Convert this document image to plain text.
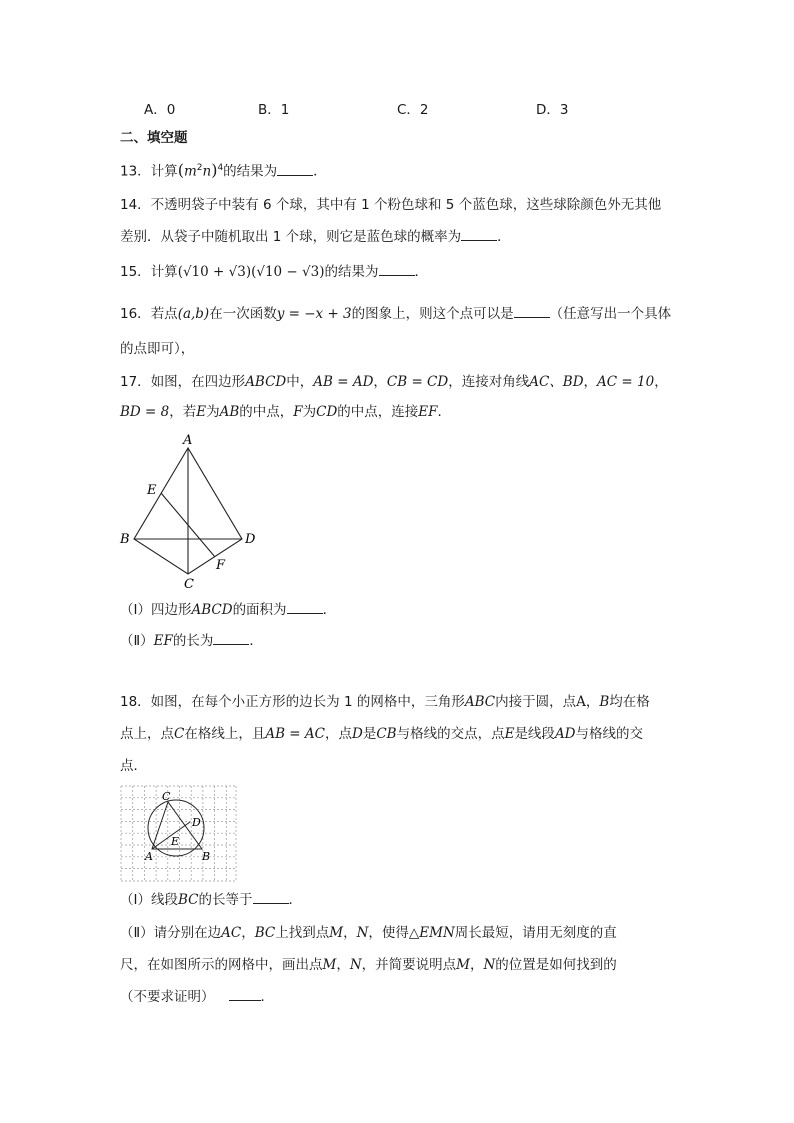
A．0	B．1	C．2	D．3
二、填空题
13．计算$(m^2n)^4$的结果为	．
14．不透明袋子中装有 6 个球，其中有 1 个粉色球和 5 个蓝色球，这些球除颜色外无其他
差别．从袋子中随机取出 1 个球，则它是蓝色球的概率为	．
15．计算(√10 + √3)(√10 − √3)的结果为	．
16．若点(a,b)在一次函数y = −x + 3的图象上，则这个点可以是	（任意写出一个具体
的点即可），
17．如图，在四边形ABCD中，AB = AD，CB = CD，连接对角线AC、BD，AC = 10，
BD = 8，若E为AB的中点，F为CD的中点，连接EF．
A
B
C
D
E
F
（Ⅰ）四边形ABCD的面积为	．
（Ⅱ）EF的长为	．
18．如图，在每个小正方形的边长为 1 的网格中，三角形ABC内接于圆，点A，B均在格
点上，点C在格线上，且AB = AC，点D是CB与格线的交点，点E是线段AD与格线的交
点．
C
D
E
A	B
（Ⅰ）线段BC的长等于	．
（Ⅱ）请分别在边AC，BC上找到点M，N，使得△EMN周长最短，请用无刻度的直
尺，在如图所示的网格中，画出点M，N，并简要说明点M，N的位置是如何找到的
（不要求证明）	．
